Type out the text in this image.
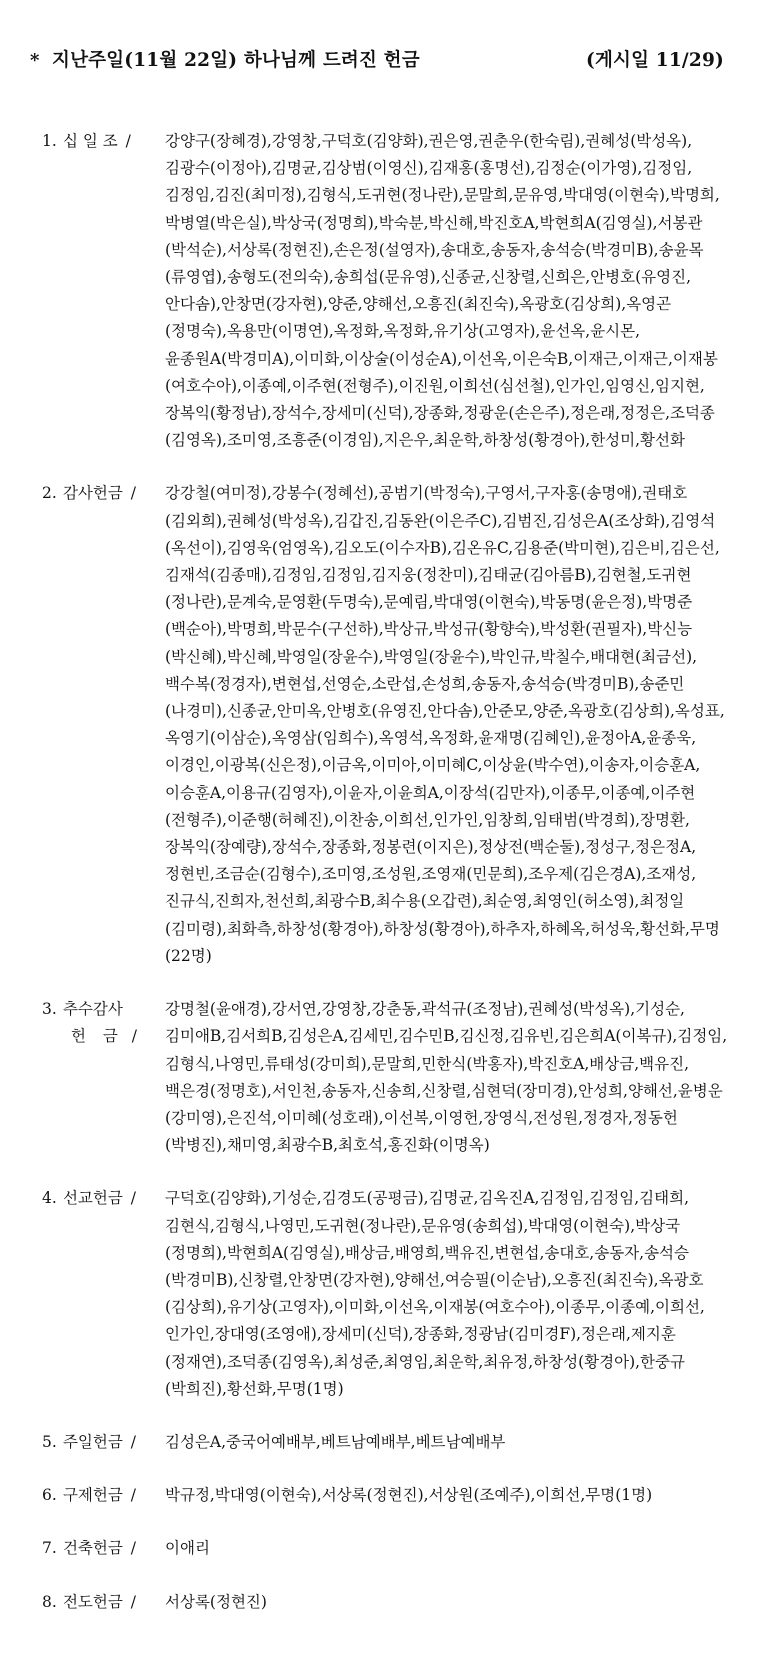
* 지난주일(11월 22일) 하나님께 드려진 헌금	(게시일 11/29)
1. 십 일 조 /	강양구(장혜경),강영창,구덕호(김양화),권은영,권춘우(한숙림),권혜성(박성옥),김광수(이정아),김명균,김상범(이영신),김재홍(홍명선),김정순(이가영),김정임,김정임,김진(최미정),김형식,도귀현(정나란),문말희,문유영,박대영(이현숙),박명희,박병열(박은실),박상국(정명희),박숙분,박신해,박진호A,박현희A(김영실),서봉관(박석순),서상록(정현진),손은정(설영자),송대호,송동자,송석승(박경미B),송윤목(류영엽),송형도(전의숙),송희섭(문유영),신종균,신창렬,신희은,안병호(유영진,안다솜),안창면(강자현),양준,양해선,오흥진(최진숙),옥광호(김상희),옥영곤(정명숙),옥용만(이명연),옥정화,옥정화,유기상(고영자),윤선옥,윤시몬,윤종원A(박경미A),이미화,이상술(이성순A),이선옥,이은숙B,이재근,이재근,이재봉(여호수아),이종예,이주현(전형주),이진원,이희선(심선철),인가인,임영신,임지현,장복익(황정남),장석수,장세미(신덕),장종화,정광운(손은주),정은래,정정은,조덕종(김영옥),조미영,조흥준(이경임),지은우,최운학,하창성(황경아),한성미,황선화
2. 감사헌금 /	강강철(여미정),강봉수(정혜선),공범기(박정숙),구영서,구자홍(송명애),권태호(김외희),권혜성(박성옥),김갑진,김동완(이은주C),김범진,김성은A(조상화),김영석(옥선이),김영욱(엄영옥),김오도(이수자B),김온유C,김용준(박미현),김은비,김은선,김재석(김종매),김정임,김정임,김지웅(정찬미),김태균(김아름B),김현철,도귀현(정나란),문계숙,문영환(두명숙),문예림,박대영(이현숙),박동명(윤은정),박명준(백순아),박명희,박문수(구선하),박상규,박성규(황향숙),박성환(권필자),박신능(박신혜),박신혜,박영일(장윤수),박영일(장윤수),박인규,박칠수,배대현(최금선),백수복(정경자),변현섭,선영순,소란섭,손성희,송동자,송석승(박경미B),송준민(나경미),신종균,안미옥,안병호(유영진,안다솜),안준모,양준,옥광호(김상희),옥성표,옥영기(이삼순),옥영삼(임희수),옥영석,옥정화,윤재명(김혜인),윤정아A,윤종욱,이경인,이광복(신은정),이금옥,이미아,이미혜C,이상윤(박수연),이송자,이승훈A,이승훈A,이용규(김영자),이윤자,이윤희A,이장석(김만자),이종무,이종예,이주현(전형주),이준행(허혜진),이찬송,이희선,인가인,임창희,임태범(박경희),장명환,장복익(장예량),장석수,장종화,정봉련(이지은),정상전(백순둘),정성구,정은정A,정현빈,조금순(김형수),조미영,조성원,조영재(민문희),조우제(김은경A),조재성,진규식,진희자,천선희,최광수B,최수용(오갑련),최순영,최영인(허소영),최정일(김미령),최화측,하창성(황경아),하창성(황경아),하추자,하혜옥,허성욱,황선화,무명(22명)
3. 추수감사
헌 금 /
강명철(윤애경),강서연,강영창,강춘동,곽석규(조정남),권혜성(박성옥),기성순,김미애B,김서희B,김성은A,김세민,김수민B,김신정,김유빈,김은희A(이복규),김정임,김형식,나영민,류태성(강미희),문말희,민한식(박홍자),박진호A,배상금,백유진,백은경(정명호),서인천,송동자,신송희,신창렬,심현덕(장미경),안성희,양해선,윤병운(강미영),은진석,이미혜(성호래),이선복,이영헌,장영식,전성원,정경자,정동헌(박병진),채미영,최광수B,최호석,홍진화(이명옥)
4. 선교헌금 /	구덕호(김양화),기성순,김경도(공평금),김명균,김옥진A,김정임,김정임,김태희,김현식,김형식,나영민,도귀현(정나란),문유영(송희섭),박대영(이현숙),박상국(정명희),박현희A(김영실),배상금,배영희,백유진,변현섭,송대호,송동자,송석승(박경미B),신창렬,안창면(강자현),양해선,여승필(이순남),오흥진(최진숙),옥광호(김상희),유기상(고영자),이미화,이선옥,이재봉(여호수아),이종무,이종예,이희선,인가인,장대영(조영애),장세미(신덕),장종화,정광남(김미경F),정은래,제지훈(정재연),조덕종(김영옥),최성준,최영임,최운학,최유정,하창성(황경아),한중규(박희진),황선화,무명(1명)
5. 주일헌금 /	김성은A,중국어예배부,베트남예배부,베트남예배부
6. 구제헌금 /	박규정,박대영(이현숙),서상록(정현진),서상원(조예주),이희선,무명(1명)
7. 건축헌금 /	이애리
8. 전도헌금 /	서상록(정현진)
